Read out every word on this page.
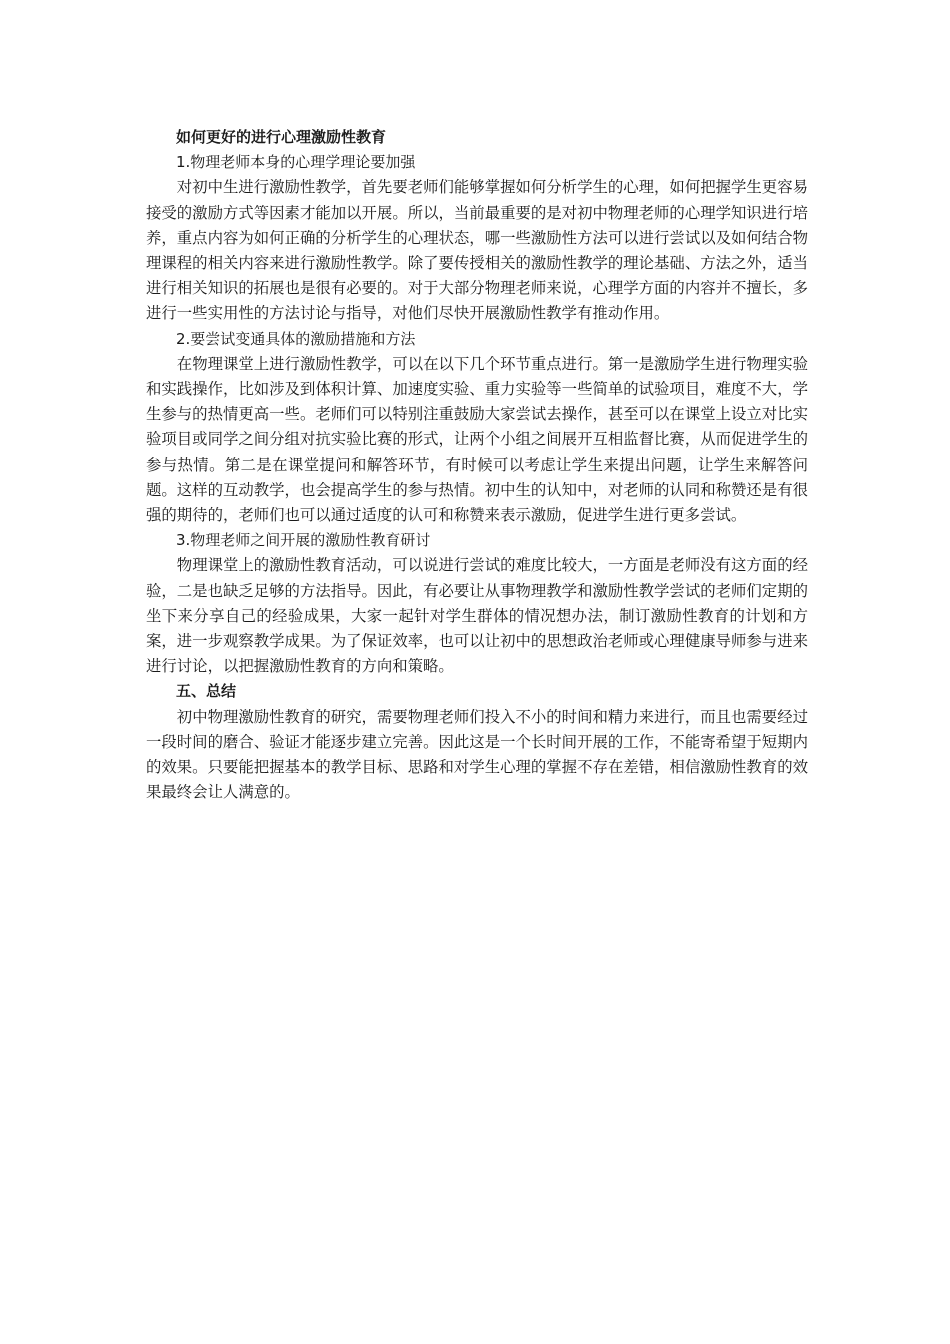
如何更好的进行心理激励性教育

1.物理老师本身的心理学理论要加强

对初中生进行激励性教学，首先要老师们能够掌握如何分析学生的心理，如何把握学生更容易接受的激励方式等因素才能加以开展。所以，当前最重要的是对初中物理老师的心理学知识进行培养，重点内容为如何正确的分析学生的心理状态，哪一些激励性方法可以进行尝试以及如何结合物理课程的相关内容来进行激励性教学。除了要传授相关的激励性教学的理论基础、方法之外，适当进行相关知识的拓展也是很有必要的。对于大部分物理老师来说，心理学方面的内容并不擅长，多进行一些实用性的方法讨论与指导，对他们尽快开展激励性教学有推动作用。

2.要尝试变通具体的激励措施和方法

在物理课堂上进行激励性教学，可以在以下几个环节重点进行。第一是激励学生进行物理实验和实践操作，比如涉及到体积计算、加速度实验、重力实验等一些简单的试验项目，难度不大，学生参与的热情更高一些。老师们可以特别注重鼓励大家尝试去操作，甚至可以在课堂上设立对比实验项目或同学之间分组对抗实验比赛的形式，让两个小组之间展开互相监督比赛，从而促进学生的参与热情。第二是在课堂提问和解答环节，有时候可以考虑让学生来提出问题，让学生来解答问题。这样的互动教学，也会提高学生的参与热情。初中生的认知中，对老师的认同和称赞还是有很强的期待的，老师们也可以通过适度的认可和称赞来表示激励，促进学生进行更多尝试。

3.物理老师之间开展的激励性教育研讨

物理课堂上的激励性教育活动，可以说进行尝试的难度比较大，一方面是老师没有这方面的经验，二是也缺乏足够的方法指导。因此，有必要让从事物理教学和激励性教学尝试的老师们定期的坐下来分享自己的经验成果，大家一起针对学生群体的情况想办法，制订激励性教育的计划和方案，进一步观察教学成果。为了保证效率，也可以让初中的思想政治老师或心理健康导师参与进来进行讨论，以把握激励性教育的方向和策略。

五、总结

初中物理激励性教育的研究，需要物理老师们投入不小的时间和精力来进行，而且也需要经过一段时间的磨合、验证才能逐步建立完善。因此这是一个长时间开展的工作，不能寄希望于短期内的效果。只要能把握基本的教学目标、思路和对学生心理的掌握不存在差错，相信激励性教育的效果最终会让人满意的。
